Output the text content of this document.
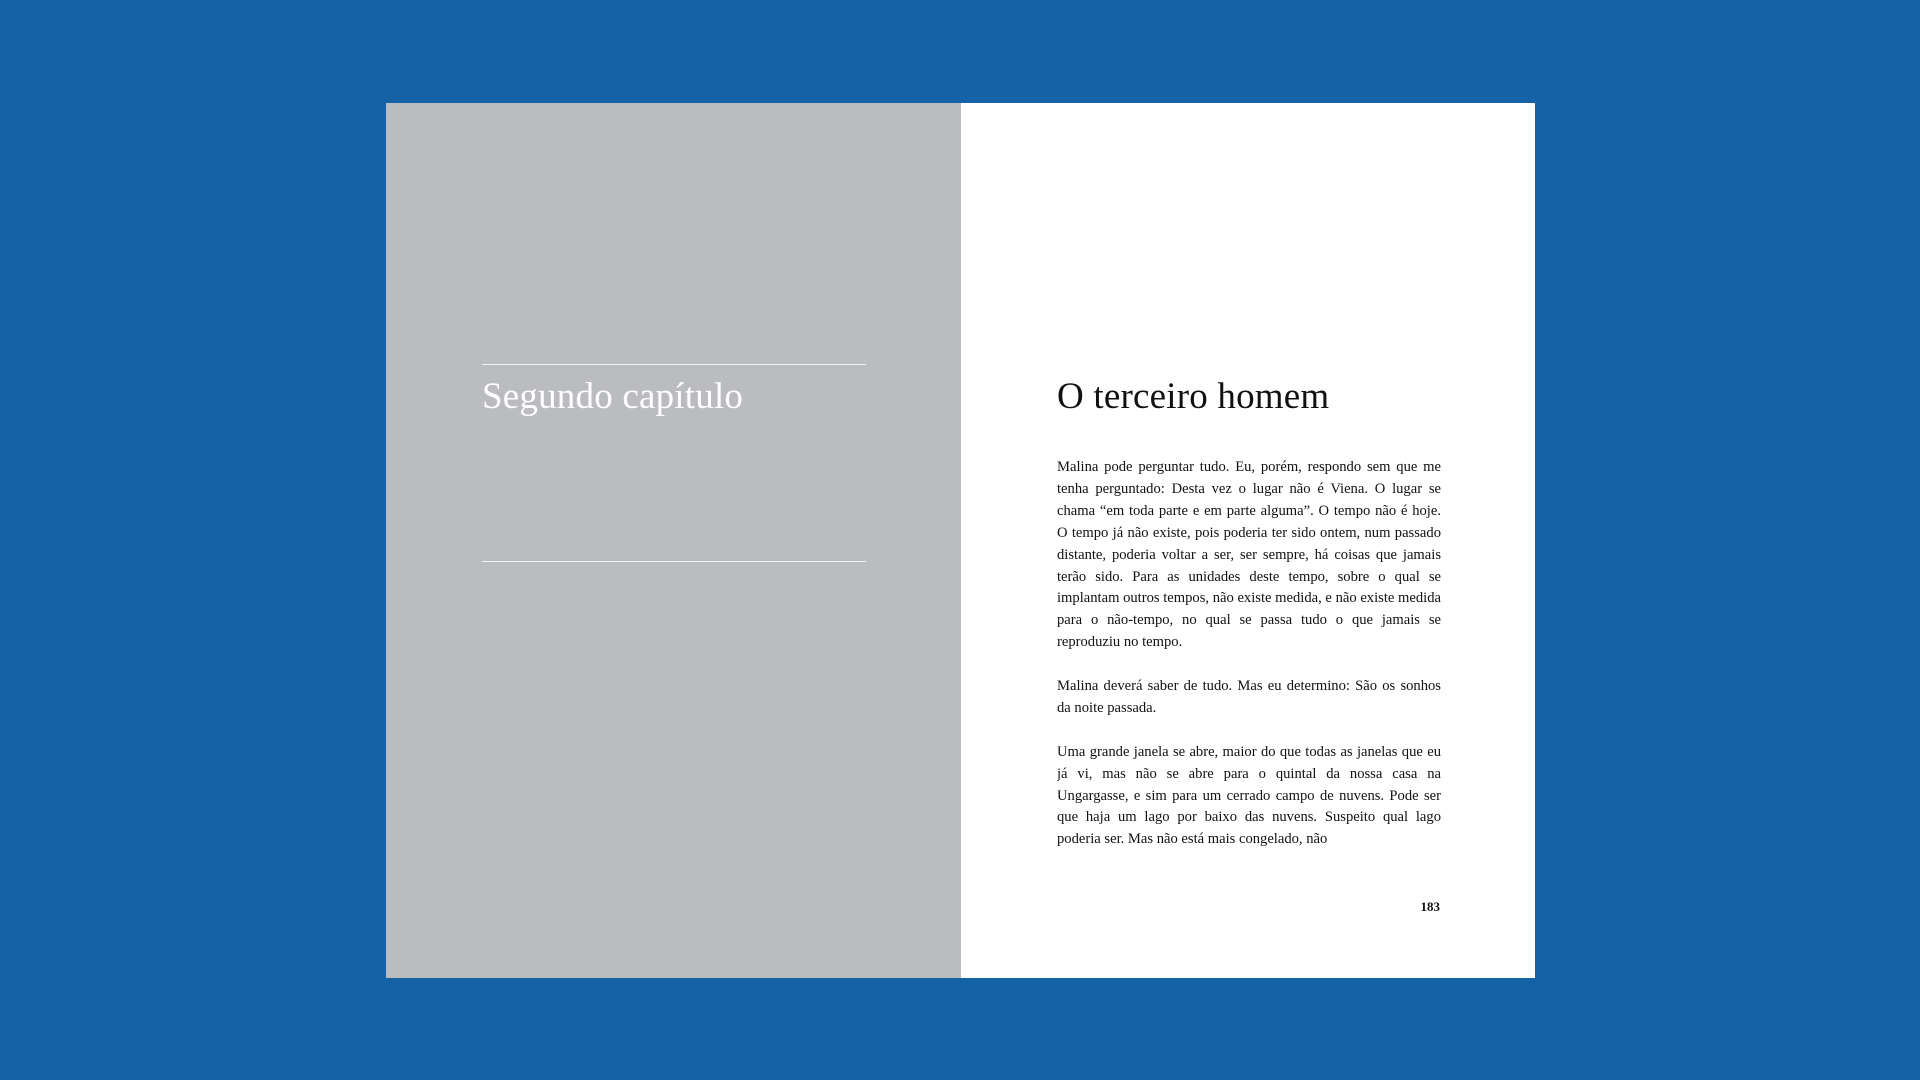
Segundo capítulo	O terceiro homem

Malina pode perguntar tudo. Eu, porém, respondo sem que me tenha perguntado: Desta vez o lugar não é Viena. O lugar se chama “em toda parte e em parte alguma”. O tempo não é hoje. O tempo já não existe, pois poderia ter sido ontem, num passado distante, poderia voltar a ser, ser sempre, há coisas que jamais terão sido. Para as unidades deste tempo, sobre o qual se implantam outros tempos, não existe medida, e não existe medida para o não-tempo, no qual se passa tudo o que jamais se reproduziu no tempo.

Malina deverá saber de tudo. Mas eu determino: São os sonhos da noite passada.

Uma grande janela se abre, maior do que todas as janelas que eu já vi, mas não se abre para o quintal da nossa casa na Ungargasse, e sim para um cerrado campo de nuvens. Pode ser que haja um lago por baixo das nuvens. Suspeito qual lago poderia ser. Mas não está mais congelado, não

183
